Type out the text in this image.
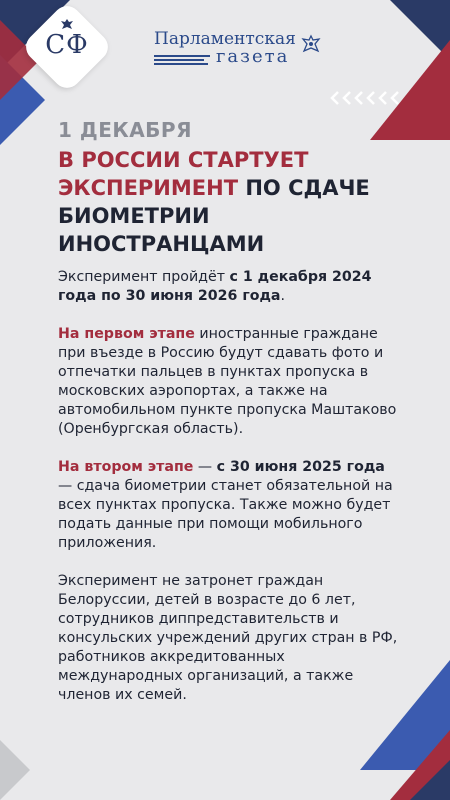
СФ	Парламентская
газета
1 ДЕКАБРЯ
В РОССИИ СТАРТУЕТ
ЭКСПЕРИМЕНТ ПО СДАЧЕ БИОМЕТРИИ ИНОСТРАНЦАМИ

Эксперимент пройдёт с 1 декабря 2024 года по 30 июня 2026 года.

На первом этапе иностранные граждане при въезде в Россию будут сдавать фото и отпечатки пальцев в пунктах пропуска в московских аэропортах, а также на автомобильном пункте пропуска Маштаково (Оренбургская область).

На втором этапе — с 30 июня 2025 года — сдача биометрии станет обязательной на всех пунктах пропуска. Также можно будет подать данные при помощи мобильного приложения.

Эксперимент не затронет граждан Белоруссии, детей в возрасте до 6 лет, сотрудников диппредставительств и консульских учреждений других стран в РФ, работников аккредитованных международных организаций, а также членов их семей.
